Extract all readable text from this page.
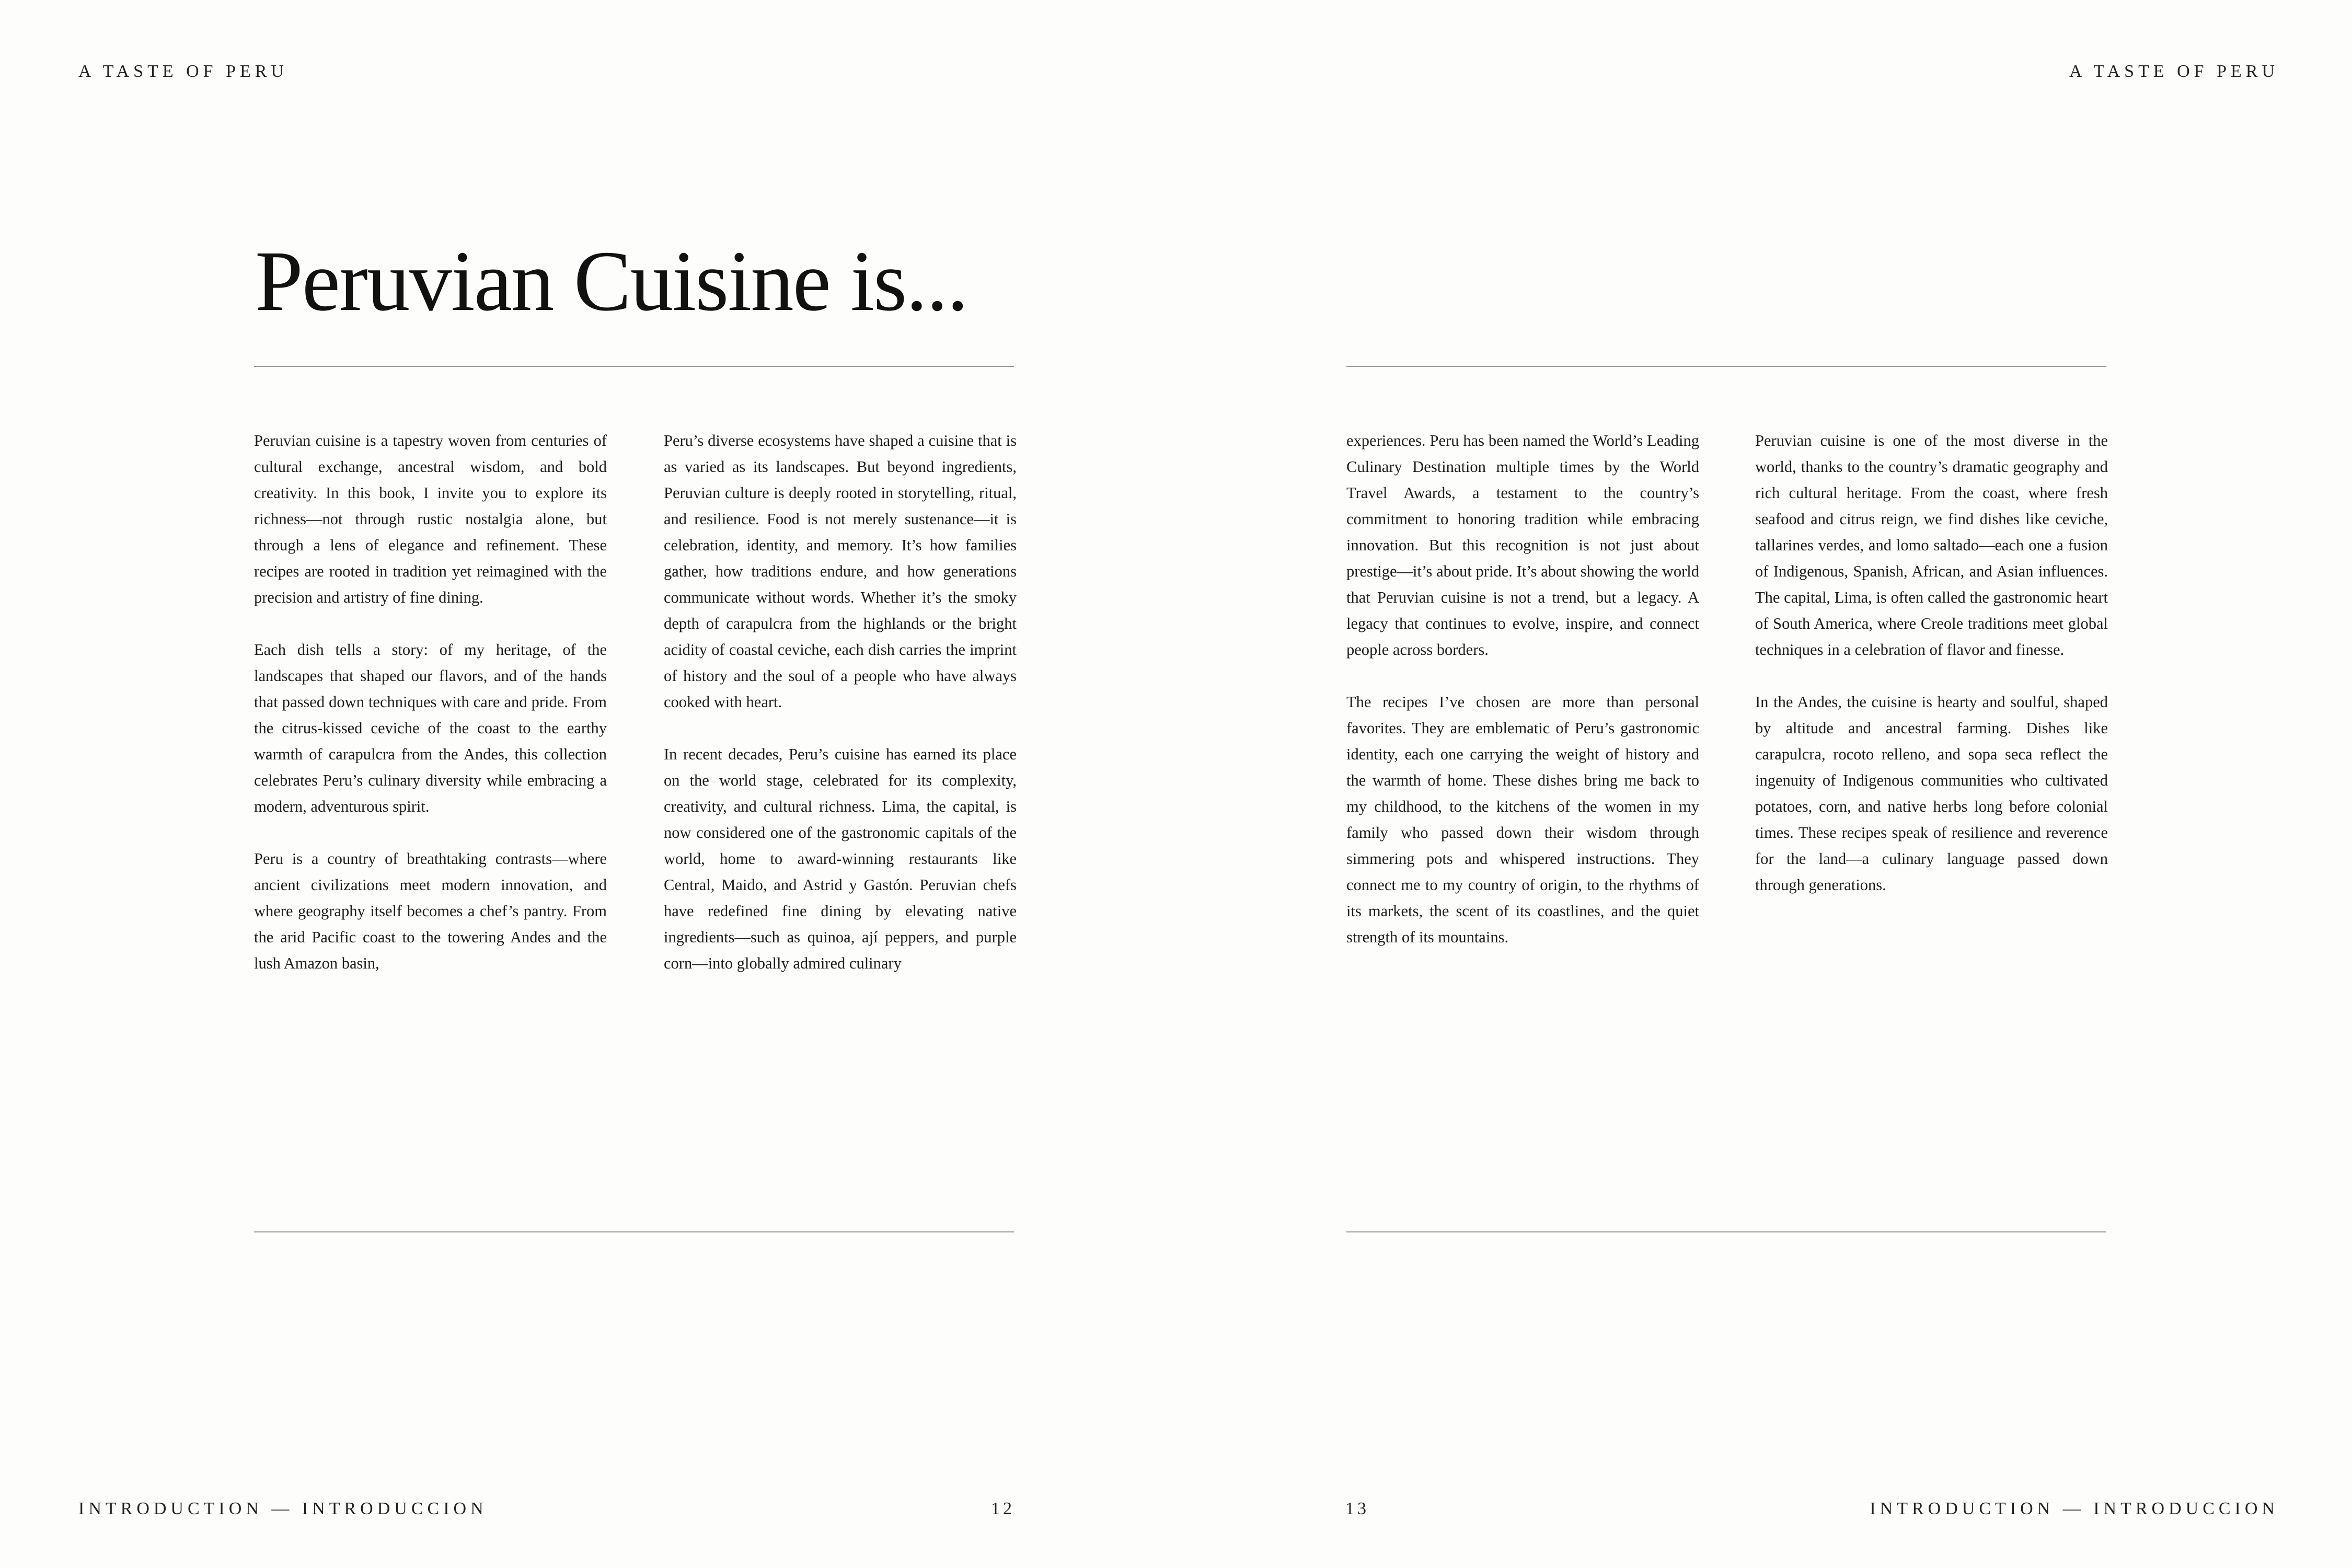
A TASTE OF PERU	A TASTE OF PERU
Peruvian Cuisine is...

Peruvian cuisine is a tapestry woven from centuries of cultural exchange, ancestral wisdom, and bold creativity. In this book, I invite you to explore its richness—not through rustic nostalgia alone, but through a lens of elegance and refinement. These recipes are rooted in tradition yet reimagined with the precision and artistry of fine dining.

Each dish tells a story: of my heritage, of the landscapes that shaped our flavors, and of the hands that passed down techniques with care and pride. From the citrus-kissed ceviche of the coast to the earthy warmth of carapulcra from the Andes, this collection celebrates Peru’s culinary diversity while embracing a modern, adventurous spirit.

Peru is a country of breathtaking contrasts—where ancient civilizations meet modern innovation, and where geography itself becomes a chef’s pantry. From the arid Pacific coast to the towering Andes and the lush Amazon basin,

Peru’s diverse ecosystems have shaped a cuisine that is as varied as its landscapes. But beyond ingredients, Peruvian culture is deeply rooted in storytelling, ritual, and resilience. Food is not merely sustenance—it is celebration, identity, and memory. It’s how families gather, how traditions endure, and how generations communicate without words. Whether it’s the smoky depth of carapulcra from the highlands or the bright acidity of coastal ceviche, each dish carries the imprint of history and the soul of a people who have always cooked with heart.

In recent decades, Peru’s cuisine has earned its place on the world stage, celebrated for its complexity, creativity, and cultural richness. Lima, the capital, is now considered one of the gastronomic capitals of the world, home to award-winning restaurants like Central, Maido, and Astrid y Gastón. Peruvian chefs have redefined fine dining by elevating native ingredients—such as quinoa, ají peppers, and purple corn—into globally admired culinary

experiences. Peru has been named the World’s Leading Culinary Destination multiple times by the World Travel Awards, a testament to the country’s commitment to honoring tradition while embracing innovation. But this recognition is not just about prestige—it’s about pride. It’s about showing the world that Peruvian cuisine is not a trend, but a legacy. A legacy that continues to evolve, inspire, and connect people across borders.

The recipes I’ve chosen are more than personal favorites. They are emblematic of Peru’s gastronomic identity, each one carrying the weight of history and the warmth of home. These dishes bring me back to my childhood, to the kitchens of the women in my family who passed down their wisdom through simmering pots and whispered instructions. They connect me to my country of origin, to the rhythms of its markets, the scent of its coastlines, and the quiet strength of its mountains.

Peruvian cuisine is one of the most diverse in the world, thanks to the country’s dramatic geography and rich cultural heritage. From the coast, where fresh seafood and citrus reign, we find dishes like ceviche, tallarines verdes, and lomo saltado—each one a fusion of Indigenous, Spanish, African, and Asian influences. The capital, Lima, is often called the gastronomic heart of South America, where Creole traditions meet global techniques in a celebration of flavor and finesse.

In the Andes, the cuisine is hearty and soulful, shaped by altitude and ancestral farming. Dishes like carapulcra, rocoto relleno, and sopa seca reflect the ingenuity of Indigenous communities who cultivated potatoes, corn, and native herbs long before colonial times. These recipes speak of resilience and reverence for the land—a culinary language passed down through generations.

INTRODUCTION — INTRODUCCION	12	13	INTRODUCTION — INTRODUCCION
